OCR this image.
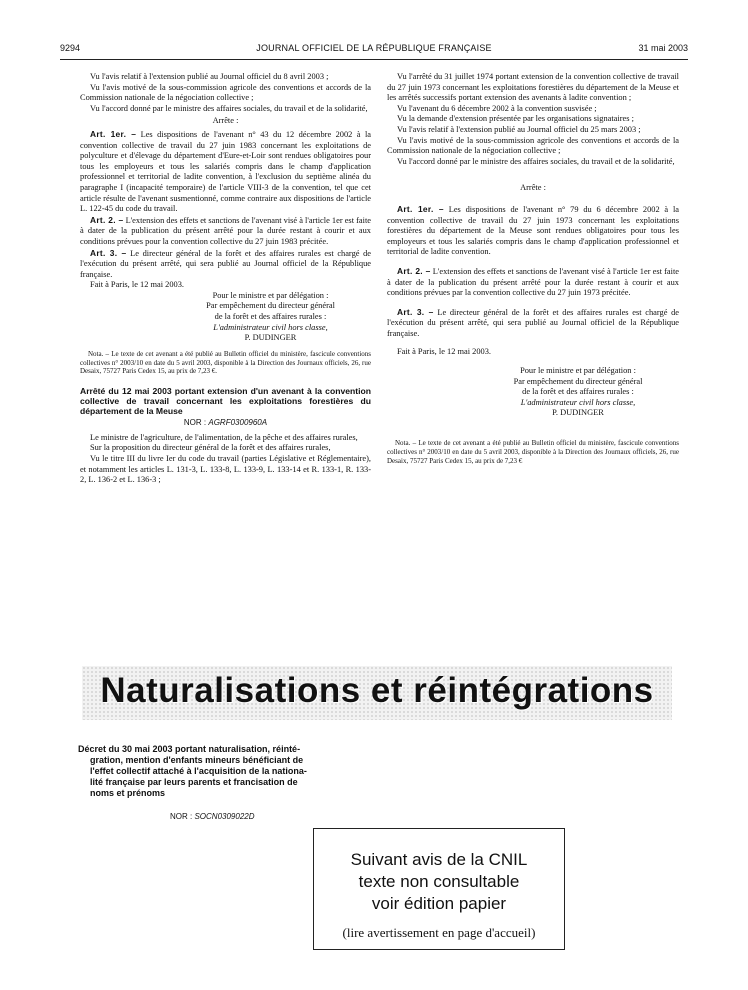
9294	JOURNAL OFFICIEL DE LA RÉPUBLIQUE FRANÇAISE	31 mai 2003

Vu l'avis relatif à l'extension publié au Journal officiel du 8 avril 2003 ;

Vu l'avis motivé de la sous-commission agricole des conventions et accords de la Commission nationale de la négociation collective ;

Vu l'accord donné par le ministre des affaires sociales, du travail et de la solidarité,

Arrête :

Art. 1er. – Les dispositions de l'avenant n° 43 du 12 décembre 2002 à la convention collective de travail du 27 juin 1983 concernant les exploitations de polyculture et d'élevage du département d'Eure-et-Loir sont rendues obligatoires pour tous les employeurs et tous les salariés compris dans le champ d'application professionnel et territorial de ladite convention, à l'exclusion du septième alinéa du paragraphe I (incapacité temporaire) de l'article VIII-3 de la convention, tel que cet article résulte de l'avenant susmentionné, comme contraire aux dispositions de l'article L. 122-45 du code du travail.

Art. 2. – L'extension des effets et sanctions de l'avenant visé à l'article 1er est faite à dater de la publication du présent arrêté pour la durée restant à courir et aux conditions prévues pour la convention collective du 27 juin 1983 précitée.

Art. 3. – Le directeur général de la forêt et des affaires rurales est chargé de l'exécution du présent arrêté, qui sera publié au Journal officiel de la République française.

Fait à Paris, le 12 mai 2003.

Pour le ministre et par délégation :

Par empêchement du directeur général

de la forêt et des affaires rurales :

L'administrateur civil hors classe,

P. DUDINGER

Nota. – Le texte de cet avenant a été publié au Bulletin officiel du ministère, fascicule conventions collectives n° 2003/10 en date du 5 avril 2003, disponible à la Direction des Journaux officiels, 26, rue Desaix, 75727 Paris Cedex 15, au prix de 7,23 €.

Arrêté du 12 mai 2003 portant extension d'un avenant à la convention collective de travail concernant les exploitations forestières du département de la Meuse

NOR : AGRF0300960A

Le ministre de l'agriculture, de l'alimentation, de la pêche et des affaires rurales,

Sur la proposition du directeur général de la forêt et des affaires rurales,

Vu le titre III du livre Ier du code du travail (parties Législative et Réglementaire), et notamment les articles L. 131-3, L. 133-8, L. 133-9, L. 133-14 et R. 133-1, R. 133-2, L. 136-2 et L. 136-3 ;

Vu l'arrêté du 31 juillet 1974 portant extension de la convention collective de travail du 27 juin 1973 concernant les exploitations forestières du département de la Meuse et les arrêtés successifs portant extension des avenants à ladite convention ;

Vu l'avenant du 6 décembre 2002 à la convention susvisée ;

Vu la demande d'extension présentée par les organisations signataires ;

Vu l'avis relatif à l'extension publié au Journal officiel du 25 mars 2003 ;

Vu l'avis motivé de la sous-commission agricole des conventions et accords de la Commission nationale de la négociation collective ;

Vu l'accord donné par le ministre des affaires sociales, du travail et de la solidarité,

Arrête :

Art. 1er. – Les dispositions de l'avenant n° 79 du 6 décembre 2002 à la convention collective de travail du 27 juin 1973 concernant les exploitations forestières du département de la Meuse sont rendues obligatoires pour tous les employeurs et tous les salariés compris dans le champ d'application professionnel et territorial de ladite convention.

Art. 2. – L'extension des effets et sanctions de l'avenant visé à l'article 1er est faite à dater de la publication du présent arrêté pour la durée restant à courir et aux conditions prévues par la convention collective du 27 juin 1973 précitée.

Art. 3. – Le directeur général de la forêt et des affaires rurales est chargé de l'exécution du présent arrêté, qui sera publié au Journal officiel de la République française.

Fait à Paris, le 12 mai 2003.

Pour le ministre et par délégation :

Par empêchement du directeur général

de la forêt et des affaires rurales :

L'administrateur civil hors classe,

P. DUDINGER

Nota. – Le texte de cet avenant a été publié au Bulletin officiel du ministère, fascicule conventions collectives n° 2003/10 en date du 5 avril 2003, disponible à la Direction des Journaux officiels, 26, rue Desaix, 75727 Paris Cedex 15, au prix de 7,23 €

Naturalisations et réintégrations
Décret du 30 mai 2003 portant naturalisation, réinté-
gration, mention d'enfants mineurs bénéficiant de
l'effet collectif attaché à l'acquisition de la nationa-
lité française par leurs parents et francisation de
noms et prénoms
NOR : SOCN0309022D
Suivant avis de la CNIL
texte non consultable
voir édition papier
(lire avertissement en page d'accueil)
